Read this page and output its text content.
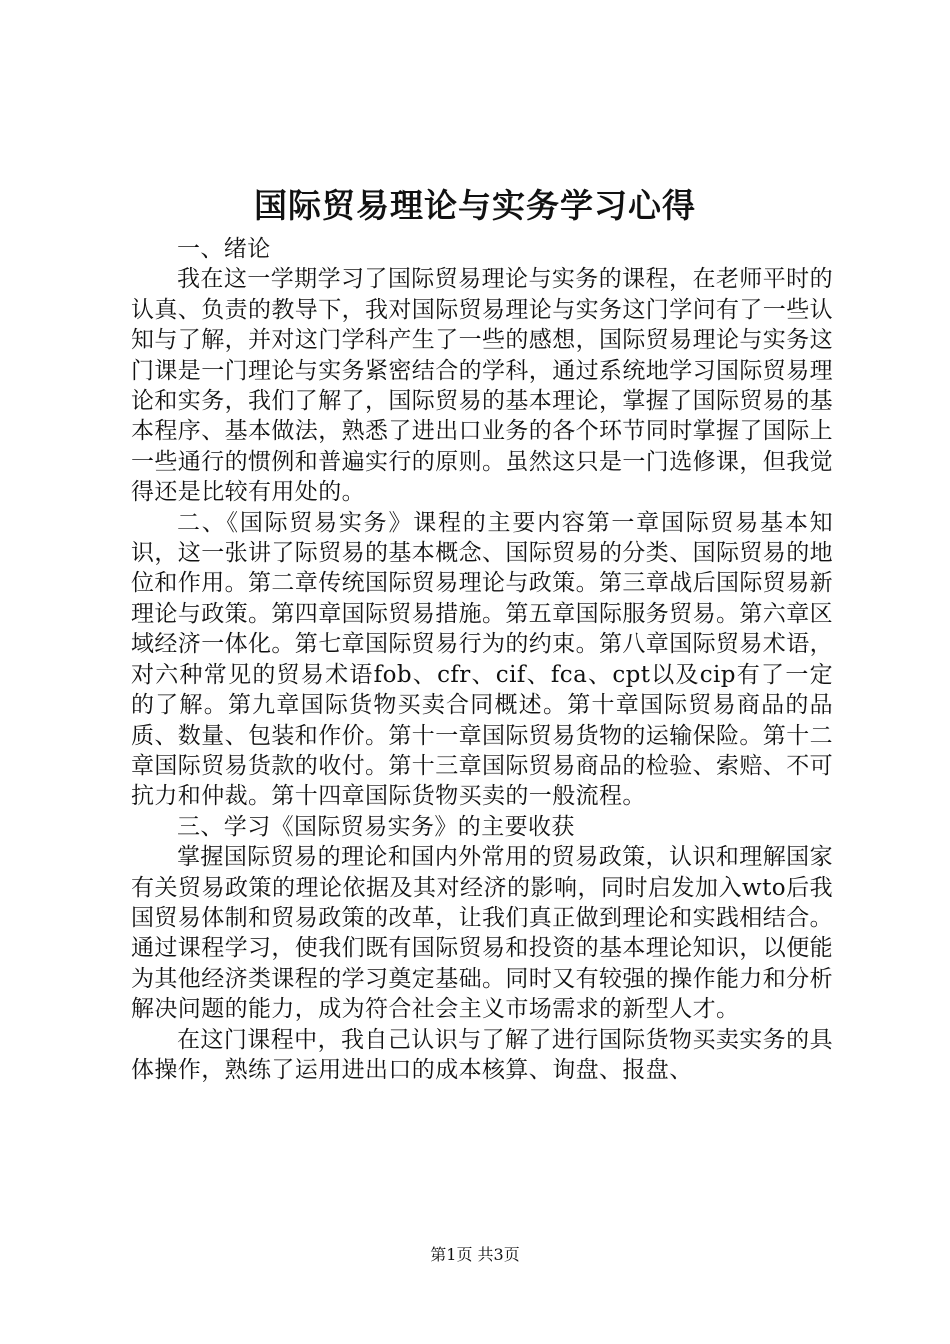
国际贸易理论与实务学习心得

一、绪论

我在这一学期学习了国际贸易理论与实务的课程，在老师平时的认真、负责的教导下，我对国际贸易理论与实务这门学问有了一些认知与了解，并对这门学科产生了一些的感想，国际贸易理论与实务这门课是一门理论与实务紧密结合的学科，通过系统地学习国际贸易理论和实务，我们了解了，国际贸易的基本理论，掌握了国际贸易的基本程序、基本做法，熟悉了进出口业务的各个环节同时掌握了国际上一些通行的惯例和普遍实行的原则。虽然这只是一门选修课，但我觉得还是比较有用处的。

二、《国际贸易实务》课程的主要内容第一章国际贸易基本知识，这一张讲了际贸易的基本概念、国际贸易的分类、国际贸易的地位和作用。第二章传统国际贸易理论与政策。第三章战后国际贸易新理论与政策。第四章国际贸易措施。第五章国际服务贸易。第六章区域经济一体化。第七章国际贸易行为的约束。第八章国际贸易术语，对六种常见的贸易术语fob、cfr、cif、fca、cpt以及cip有了一定的了解。第九章国际货物买卖合同概述。第十章国际贸易商品的品质、数量、包装和作价。第十一章国际贸易货物的运输保险。第十二章国际贸易货款的收付。第十三章国际贸易商品的检验、索赔、不可抗力和仲裁。第十四章国际货物买卖的一般流程。

三、学习《国际贸易实务》的主要收获

掌握国际贸易的理论和国内外常用的贸易政策，认识和理解国家有关贸易政策的理论依据及其对经济的影响，同时启发加入wto后我国贸易体制和贸易政策的改革，让我们真正做到理论和实践相结合。通过课程学习，使我们既有国际贸易和投资的基本理论知识，以便能为其他经济类课程的学习奠定基础。同时又有较强的操作能力和分析解决问题的能力，成为符合社会主义市场需求的新型人才。

在这门课程中，我自己认识与了解了进行国际货物买卖实务的具体操作，熟练了运用进出口的成本核算、询盘、报盘、

第1页 共3页
